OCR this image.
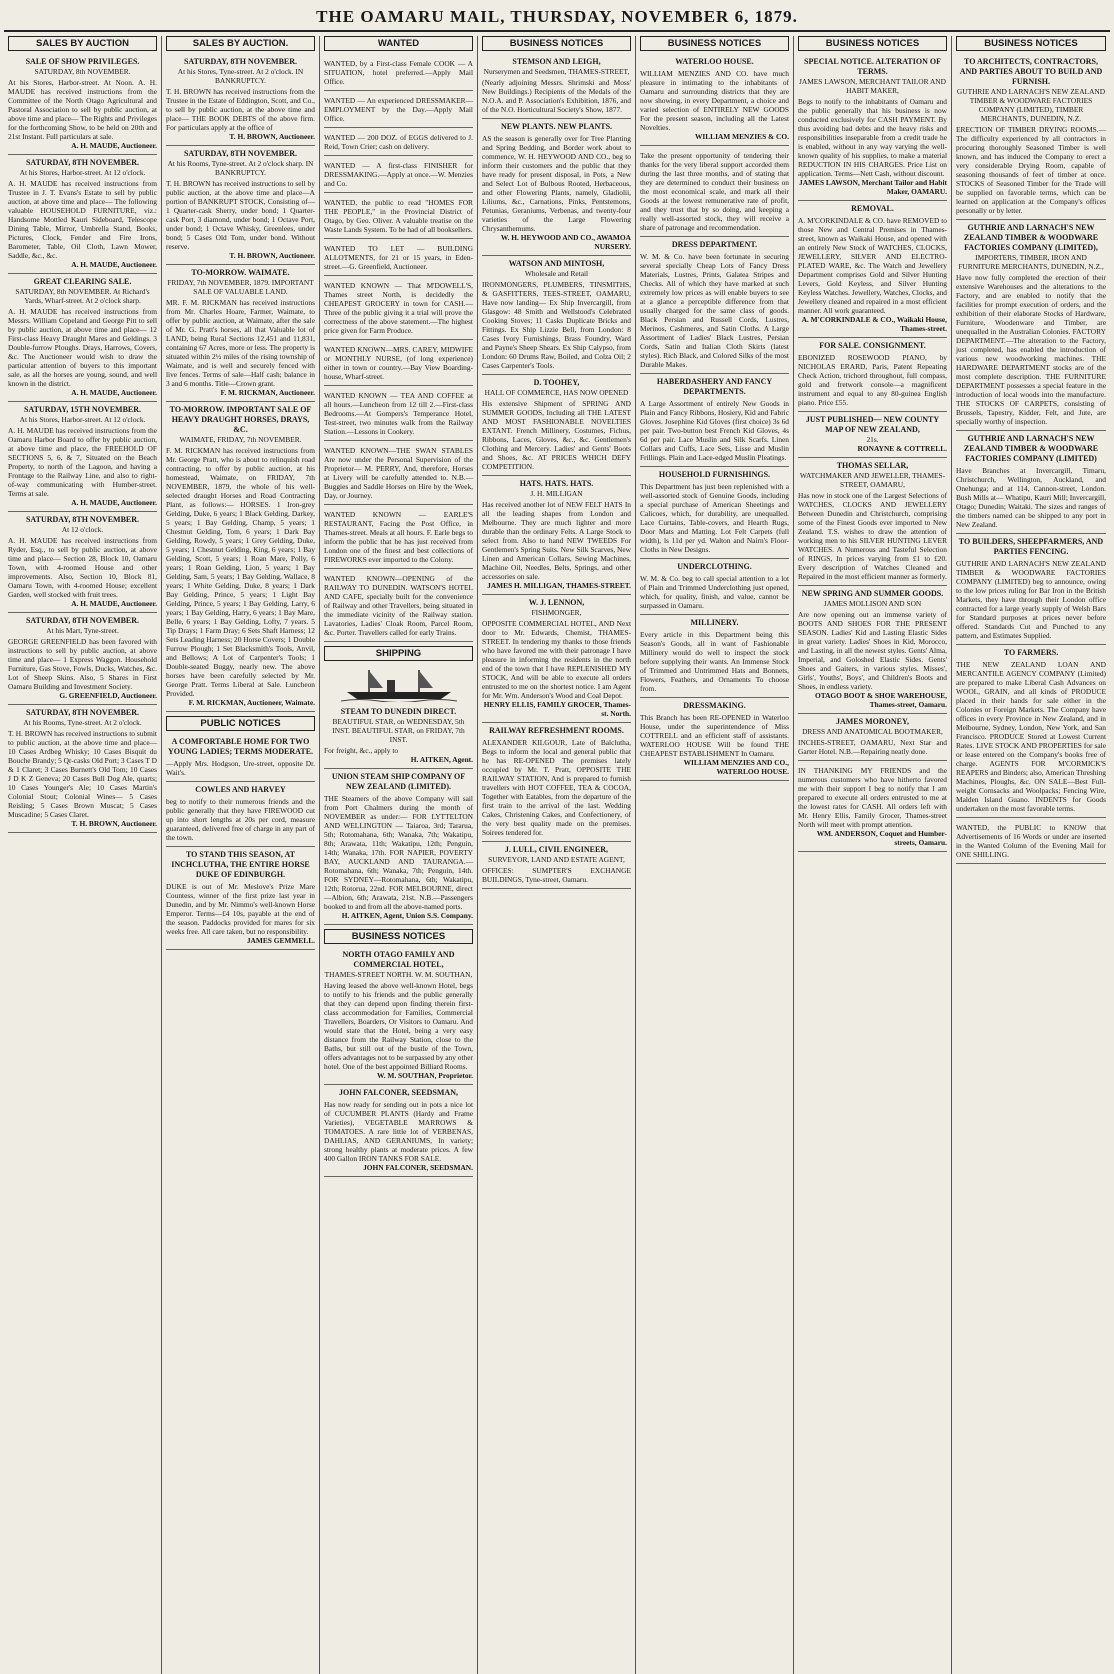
THE OAMARU MAIL, THURSDAY, NOVEMBER 6, 1879.
SALES BY AUCTION
SALE OF SHOW PRIVILEGES.
SATURDAY, 8th NOVEMBER.
At his Stores, Harbor-street. At Noon. A. H. MAUDE has received instructions from the Committee of the North Otago Agricultural and Pastoral Association to sell by public auction, at above time and place— The Rights and Privileges for the forthcoming Show, to be held on 20th and 21st Instant. Full particulars at sale.
A. H. MAUDE, Auctioneer.
SATURDAY, 8TH NOVEMBER.
At his Stores, Harbor-street. At 12 o'clock.
A. H. MAUDE has received instructions from Trustee in J. T. Evans's Estate to sell by public auction, at above time and place— The following valuable HOUSEHOLD FURNITURE, viz.: Handsome Mottled Kauri Sideboard, Telescope Dining Table, Mirror, Umbrella Stand, Books, Pictures, Clock, Fender and Fire Irons, Barometer, Table, Oil Cloth, Lawn Mower, Saddle, &c., &c.
A. H. MAUDE, Auctioneer.
GREAT CLEARING SALE.
SATURDAY, 8th NOVEMBER. At Richard's Yards, Wharf-street. At 2 o'clock sharp.
A. H. MAUDE has received instructions from Messrs. William Copeland and George Pitt to sell by public auction, at above time and place— 12 First-class Heavy Draught Mares and Geldings. 3 Double-furrow Ploughs. Drays, Harrows, Covers, &c. The Auctioneer would wish to draw the particular attention of buyers to this important sale, as all the horses are young, sound, and well known in the district.
A. H. MAUDE, Auctioneer.
SATURDAY, 15TH NOVEMBER.
At his Stores, Harbor-street. At 12 o'clock.
A. H. MAUDE has received instructions from the Oamaru Harbor Board to offer by public auction, at above time and place, the FREEHOLD OF SECTIONS 5, 6, & 7, Situated on the Beach Property, to north of the Lagoon, and having a Frontage to the Railway Line, and also to right-of-way communicating with Humber-street. Terms at sale.
A. H. MAUDE, Auctioneer.
SATURDAY, 8TH NOVEMBER.
At 12 o'clock.
A. H. MAUDE has received instructions from Ryder, Esq., to sell by public auction, at above time and place— Section 28, Block 10, Oamaru Town, with 4-roomed House and other improvements. Also, Section 10, Block 81, Oamaru Town, with 4-roomed House; excellent Garden, well stocked with fruit trees.
A. H. MAUDE, Auctioneer.
SATURDAY, 8TH NOVEMBER.
At his Mart, Tyne-street.
GEORGE GREENFIELD has been favored with instructions to sell by public auction, at above time and place— 1 Express Waggon. Household Furniture, Gas Stove, Fowls, Ducks, Watches, &c. Lot of Sheep Skins. Also, 5 Shares in First Oamaru Building and Investment Society.
G. GREENFIELD, Auctioneer.
SATURDAY, 8TH NOVEMBER.
At his Rooms, Tyne-street. At 2 o'clock.
T. H. BROWN has received instructions to submit to public auction, at the above time and place— 10 Cases Ardbeg Whisky; 10 Cases Bisquit du Bouche Brandy; 5 Qr-casks Old Port; 3 Cases T D & 1 Claret; 3 Cases Burnett's Old Tom; 10 Cases J D K Z Geneva; 20 Cases Bull Dog Ale, quarts; 10 Cases Younger's Ale; 10 Cases Martin's Colonial Stout; Colonial Wines— 5 Cases Reisling; 5 Cases Brown Muscat; 5 Cases Muscadine; 5 Cases Claret.
T. H. BROWN, Auctioneer.
SALES BY AUCTION.
SATURDAY, 8TH NOVEMBER.
At his Stores, Tyne-street. At 2 o'clock. IN BANKRUPTCY.
T. H. BROWN has received instructions from the Trustee in the Estate of Eddington, Scott, and Co., to sell by public auction, at the above time and place— THE BOOK DEBTS of the above firm. For particulars apply at the office of
T. H. BROWN, Auctioneer.
SATURDAY, 8TH NOVEMBER.
At his Rooms, Tyne-street. At 2 o'clock sharp. IN BANKRUPTCY.
T. H. BROWN has received instructions to sell by public auction, at the above time and place—A portion of BANKRUPT STOCK, Consisting of— 1 Quarter-cask Sherry, under bond; 1 Quarter-cask Port, 3 diamond, under bond; 1 Octave Port, under bond; 1 Octave Whisky, Greenlees, under bond; 5 Cases Old Tom, under bond. Without reserve.
T. H. BROWN, Auctioneer.
TO-MORROW. WAIMATE.
FRIDAY, 7th NOVEMBER, 1879. IMPORTANT SALE OF VALUABLE LAND.
MR. F. M. RICKMAN has received instructions from Mr. Charles Hoare, Farmer, Waimate, to offer by public auction, at Waimate, after the sale of Mr. G. Pratt's horses, all that Valuable lot of LAND, being Rural Sections 12,451 and 11,831, containing 67 Acres, more or less. The property is situated within 2½ miles of the rising township of Waimate, and is well and securely fenced with live fences. Terms of sale—Half cash; balance in 3 and 6 months. Title—Crown grant.
F. M. RICKMAN, Auctioneer.
TO-MORROW. IMPORTANT SALE OF HEAVY DRAUGHT HORSES, DRAYS, &C.
WAIMATE, FRIDAY, 7th NOVEMBER.
F. M. RICKMAN has received instructions from Mr. George Pratt, who is about to relinquish road contracting, to offer by public auction, at his homestead, Waimate, on FRIDAY, 7th NOVEMBER, 1879, the whole of his well-selected draught Horses and Road Contracting Plant, as follows:— HORSES. 1 Iron-grey Gelding, Duke, 6 years; 1 Black Gelding, Darkey, 5 years; 1 Bay Gelding, Champ, 5 years; 1 Chestnut Gelding, Tom, 6 years; 1 Dark Bay Gelding, Rowdy, 5 years; 1 Grey Gelding, Duke, 5 years; 1 Chestnut Gelding, King, 6 years; 1 Bay Gelding, Scott, 5 years; 1 Roan Mare, Polly, 6 years; 1 Roan Gelding, Lion, 5 years; 1 Bay Gelding, Sam, 5 years; 1 Bay Gelding, Wallace, 8 years; 1 White Gelding, Duke, 8 years; 1 Dark Bay Gelding, Prince, 5 years; 1 Light Bay Gelding, Prince, 5 years; 1 Bay Gelding, Larry, 6 years; 1 Bay Gelding, Harry, 6 years; 1 Bay Mare, Belle, 6 years; 1 Bay Gelding, Lofty, 7 years. 5 Tip Drays; 1 Farm Dray; 6 Sets Shaft Harness; 12 Sets Leading Harness; 20 Horse Covers; 1 Double Furrow Plough; 1 Set Blacksmith's Tools, Anvil, and Bellows; A Lot of Carpenter's Tools; 1 Double-seated Buggy, nearly new. The above horses have been carefully selected by Mr. George Pratt. Terms Liberal at Sale. Luncheon Provided.
F. M. RICKMAN, Auctioneer, Waimate.
PUBLIC NOTICES
A COMFORTABLE HOME FOR TWO YOUNG LADIES; TERMS MODERATE.
—Apply Mrs. Hodgson, Ure-street, opposite Dr. Wait's.
COWLES AND HARVEY
beg to notify to their numerous friends and the public generally that they have FIREWOOD cut up into short lengths at 20s per cord, measure guaranteed, delivered free of charge in any part of the town.
TO STAND THIS SEASON, AT INCHCLUTHA, THE ENTIRE HORSE DUKE OF EDINBURGH.
DUKE is out of Mr. Meslove's Prize Mare Countess, winner of the first prize last year in Dunedin, and by Mr. Nimmo's well-known Horse Emperor. Terms—£4 10s, payable at the end of the season. Paddocks provided for mares for six weeks free. All care taken, but no responsibility.
JAMES GEMMELL.
WANTED
WANTED, by a First-class Female COOK — A SITUATION, hotel preferred.—Apply Mail Office.
WANTED — An experienced DRESSMAKER—EMPLOYMENT by the Day.—Apply Mail Office.
WANTED — 200 DOZ. of EGGS delivered to J. Reid, Town Crier; cash on delivery.
WANTED — A first-class FINISHER for DRESSMAKING.—Apply at once.—W. Menzies and Co.
WANTED, the public to read "HOMES FOR THE PEOPLE," in the Provincial District of Otago, by Geo. Oliver. A valuable treatise on the Waste Lands System. To be had of all booksellers.
WANTED TO LET — BUILDING ALLOTMENTS, for 21 or 15 years, in Eden-street.—G. Greenfield, Auctioneer.
WANTED KNOWN — That M'DOWELL'S, Thames street North, is decidedly the CHEAPEST GROCERY in town for CASH.—Three of the public giving it a trial will prove the correctness of the above statement.—The highest price given for Farm Produce.
WANTED KNOWN—MRS. CAREY, MIDWIFE or MONTHLY NURSE, (of long experience) either in town or country.—Bay View Boarding-house, Wharf-street.
WANTED KNOWN — TEA AND COFFEE at all hours.—Luncheon from 12 till 2.—First-class Bedrooms.—At Gompers's Temperance Hotel, Test-street, two minutes walk from the Railway Station.—Lessons in Cookery.
WANTED KNOWN—THE SWAN STABLES Are now under the Personal Supervision of the Proprietor— M. PERRY, And, therefore, Horses at Livery will be carefully attended to. N.B.—Buggies and Saddle Horses on Hire by the Week, Day, or Journey.
WANTED KNOWN — EARLE'S RESTAURANT, Facing the Post Office, in Thames-street. Meals at all hours. F. Earle begs to inform the public that he has just received from London one of the finest and best collections of FIREWORKS ever imported to the Colony.
WANTED KNOWN—OPENING of the RAILWAY TO DUNEDIN. WATSON'S HOTEL AND CAFE, specially built for the convenience of Railway and other Travellers, being situated in the immediate vicinity of the Railway station. Lavatories, Ladies' Cloak Room, Parcel Room, &c. Porter. Travellers called for early Trains.
SHIPPING
STEAM TO DUNEDIN DIRECT.
BEAUTIFUL STAR, on WEDNESDAY, 5th INST. BEAUTIFUL STAR, on FRIDAY, 7th INST.
For freight, &c., apply to
H. AITKEN, Agent.
UNION STEAM SHIP COMPANY OF NEW ZEALAND (LIMITED).
THE Steamers of the above Company will sail from Port Chalmers during the month of NOVEMBER as under:— FOR LYTTELTON AND WELLINGTON — Taiaroa, 3rd; Tararua, 5th; Rotomahana, 6th; Wanaka, 7th; Wakatipu, 8th; Arawata, 11th; Wakatipu, 12th; Penguin, 14th; Wanaka, 17th. FOR NAPIER, POVERTY BAY, AUCKLAND AND TAURANGA.—Rotomahana, 6th; Wanaka, 7th; Penguin, 14th. FOR SYDNEY—Rotomahana, 6th; Wakatipu, 12th; Rotorua, 22nd. FOR MELBOURNE, direct—Albion, 6th; Arawata, 21st. N.B.—Passengers booked to and from all the above-named ports.
H. AITKEN, Agent, Union S.S. Company.
BUSINESS NOTICES
NORTH OTAGO FAMILY AND COMMERCIAL HOTEL,
THAMES-STREET NORTH. W. M. SOUTHAN,
Having leased the above well-known Hotel, begs to notify to his friends and the public generally that they can depend upon finding therein first-class accommodation for Families, Commercial Travellers, Boarders, Or Visitors to Oamaru. And would state that the Hotel, being a very easy distance from the Railway Station, close to the Baths, but still out of the bustle of the Town, offers advantages not to be surpassed by any other hotel. One of the best appointed Billiard Rooms.
W. M. SOUTHAN, Proprietor.
JOHN FALCONER, SEEDSMAN,
Has now ready for sending out in pots a nice lot of CUCUMBER PLANTS (Hardy and Frame Varieties), VEGETABLE MARROWS & TOMATOES. A rare little lot of VERBENAS, DAHLIAS, AND GERANIUMS, In variety; strong healthy plants at moderate prices. A few 400 Gallon IRON TANKS FOR SALE.
JOHN FALCONER, SEEDSMAN.
BUSINESS NOTICES
STEMSON AND LEIGH,
Nurserymen and Seedsmen, THAMES-STREET,
(Nearly adjoining Messrs. Shrimski and Moss' New Buildings.) Recipients of the Medals of the N.O.A. and P. Association's Exhibition, 1876, and of the N.O. Horticultural Society's Show, 1877.
NEW PLANTS. NEW PLANTS.
AS the season is generally over for Tree Planting and Spring Bedding, and Border work about to commence, W. H. HEYWOOD AND CO., beg to inform their customers and the public that they have ready for present disposal, in Pots, a New and Select Lot of Bulbous Rooted, Herbaceous, and other Flowering Plants, namely, Gladiolii, Liliums, &c., Carnations, Pinks, Pentstemons, Petunias, Geraniums, Verbenas, and twenty-four varieties of the Large Flowering Chrysanthemums.
W. H. HEYWOOD AND CO., AWAMOA NURSERY.
WATSON AND MINTOSH,
Wholesale and Retail
IRONMONGERS, PLUMBERS, TINSMITHS, & GASFITTERS, TEES-STREET, OAMARU, Have now landing— Ex Ship Invercargill, from Glasgow: 48 Smith and Wellstood's Celebrated Cooking Stoves; 11 Casks Duplicate Bricks and Fittings. Ex Ship Lizzie Bell, from London: 8 Cases Ivory Furnishings, Brass Foundry, Ward and Payne's Sheep Shears. Ex Ship Calypso, from London: 60 Drums Raw, Boiled, and Colza Oil; 2 Cases Carpenter's Tools.
D. TOOHEY,
HALL OF COMMERCE, HAS NOW OPENED
His extensive Shipment of SPRING AND SUMMER GOODS, Including all THE LATEST AND MOST FASHIONABLE NOVELTIES EXTANT. French Millinery, Costumes, Fichus, Ribbons, Laces, Gloves, &c., &c. Gentlemen's Clothing and Mercery. Ladies' and Gents' Boots and Shoes, &c. AT PRICES WHICH DEFY COMPETITION.
HATS. HATS. HATS.
J. H. MILLIGAN
Has received another lot of NEW FELT HATS In all the leading shapes from London and Melbourne. They are much lighter and more durable than the ordinary Felts. A Large Stock to select from. Also to hand NEW TWEEDS For Gentlemen's Spring Suits. New Silk Scarves, New Linen and American Collars, Sewing Machines, Machine Oil, Needles, Belts, Springs, and other accessories on sale.
JAMES H. MILLIGAN, THAMES-STREET.
W. J. LENNON,
FISHMONGER,
OPPOSITE COMMERCIAL HOTEL, AND Next door to Mr. Edwards, Chemist, THAMES-STREET. In tendering my thanks to those friends who have favored me with their patronage I have pleasure in informing the residents in the north end of the town that I have REPLENISHED MY STOCK, And will be able to execute all orders entrusted to me on the shortest notice. I am Agent for Mr. Wm. Anderson's Wood and Coal Depot.
HENRY ELLIS, FAMILY GROCER, Thames-st. North.
RAILWAY REFRESHMENT ROOMS.
ALEXANDER KILGOUR, Late of Balclutha, Begs to inform the local and general public that he has RE-OPENED The premises lately occupied by Mr. T. Pratt, OPPOSITE THE RAILWAY STATION, And is prepared to furnish travellers with HOT COFFEE, TEA & COCOA, Together with Eatables, from the departure of the first train to the arrival of the last. Wedding Cakes, Christening Cakes, and Confectionery, of the very best quality made on the premises. Soirees tendered for.
J. LULL, CIVIL ENGINEER,
SURVEYOR, LAND AND ESTATE AGENT,
OFFICES: SUMPTER'S EXCHANGE BUILDINGS, Tyne-street, Oamaru.
BUSINESS NOTICES
WATERLOO HOUSE.
WILLIAM MENZIES AND CO. have much pleasure in intimating to the inhabitants of Oamaru and surrounding districts that they are now showing, in every Department, a choice and varied selection of ENTIRELY NEW GOODS For the present season, including all the Latest Novelties.
WILLIAM MENZIES & CO.
Take the present opportunity of tendering their thanks for the very liberal support accorded them during the last three months, and of stating that they are determined to conduct their business on the most economical scale, and mark all their Goods at the lowest remunerative rate of profit, and they trust that by so doing, and keeping a really well-assorted stock, they will receive a share of patronage and recommendation.
DRESS DEPARTMENT.
W. M. & Co. have been fortunate in securing several specially Cheap Lots of Fancy Dress Materials, Lustres, Prints, Galatea Stripes and Checks. All of which they have marked at such extremely low prices as will enable buyers to see at a glance a perceptible difference from that usually charged for the same class of goods. Black Persian and Russell Cords, Lustres, Merinos, Cashmeres, and Satin Cloths. A Large Assortment of Ladies' Black Lustres, Persian Cords, Satin and Italian Cloth Skirts (latest styles). Rich Black, and Colored Silks of the most Durable Makes.
HABERDASHERY AND FANCY DEPARTMENTS.
A Large Assortment of entirely New Goods in Plain and Fancy Ribbons, Hosiery, Kid and Fabric Gloves. Josephine Kid Gloves (first choice) 3s 6d per pair. Two-button best French Kid Gloves, 4s 6d per pair. Lace Muslin and Silk Scarfs. Linen Collars and Cuffs, Lace Sets, Lisse and Muslin Frillings. Plain and Lace-edged Muslin Pleatings.
HOUSEHOLD FURNISHINGS.
This Department has just been replenished with a well-assorted stock of Genuine Goods, including a special purchase of American Sheetings and Calicoes, which, for durability, are unequalled. Lace Curtains, Table-covers, and Hearth Rugs, Door Mats and Matting. Lot Felt Carpets (full width), ls 11d per yd. Walton and Nairn's Floor-Cloths in New Designs.
UNDERCLOTHING.
W. M. & Co. beg to call special attention to a lot of Plain and Trimmed Underclothing just opened, which, for quality, finish, and value, cannot be surpassed in Oamaru.
MILLINERY.
Every article in this Department being this Season's Goods, all in want of Fashionable Millinery would do well to inspect the stock before supplying their wants. An Immense Stock of Trimmed and Untrimmed Hats and Bonnets, Flowers, Feathers, and Ornaments To choose from.
DRESSMAKING.
This Branch has been RE-OPENED in Waterloo House, under the superintendence of Miss COTTRELL and an efficient staff of assistants. WATERLOO HOUSE Will be found THE CHEAPEST ESTABLISHMENT In Oamaru.
WILLIAM MENZIES AND CO., WATERLOO HOUSE.
BUSINESS NOTICES
SPECIAL NOTICE. ALTERATION OF TERMS.
JAMES LAWSON, MERCHANT TAILOR AND HABIT MAKER,
Begs to notify to the inhabitants of Oamaru and the public generally that his business is now conducted exclusively for CASH PAYMENT. By thus avoiding bad debts and the heavy risks and responsibilities inseparable from a credit trade he is enabled, without in any way varying the well-known quality of his supplies, to make a material REDUCTION IN HIS CHARGES. Price List on application. Terms—Nett Cash, without discount.
JAMES LAWSON, Merchant Tailor and Habit Maker, OAMARU.
REMOVAL.
A. M'CORKINDALE & CO. have REMOVED to those New and Central Premises in Thames-street, known as Waikaki House, and opened with an entirely New Stock of WATCHES, CLOCKS, JEWELLERY, SILVER AND ELECTRO-PLATED WARE, &c. The Watch and Jewellery Department comprises Gold and Silver Hunting Levers, Gold Keyless, and Silver Hunting Keyless Watches. Jewellery, Watches, Clocks, and Jewellery cleaned and repaired in a most efficient manner. All work guaranteed.
A. M'CORKINDALE & CO., Waikaki House, Thames-street.
FOR SALE. CONSIGNMENT.
EBONIZED ROSEWOOD PIANO, by NICHOLAS ERARD, Paris, Patent Repeating Check Action, trichord throughout, full compass, gold and fretwork console—a magnificent instrument and equal to any 80-guinea English piano. Price £55.
JUST PUBLISHED— NEW COUNTY MAP OF NEW ZEALAND,
21s.
RONAYNE & COTTRELL.
THOMAS SELLAR,
WATCHMAKER AND JEWELLER, THAMES-STREET, OAMARU,
Has now in stock one of the Largest Selections of WATCHES, CLOCKS AND JEWELLERY Between Dunedin and Christchurch, comprising some of the Finest Goods ever imported to New Zealand. T.S. wishes to draw the attention of working men to his SILVER HUNTING LEVER WATCHES. A Numerous and Tasteful Selection of RINGS, In prices varying from £1 to £20. Every description of Watches Cleaned and Repaired in the most efficient manner as formerly.
NEW SPRING AND SUMMER GOODS.
JAMES MOLLISON AND SON
Are now opening out an immense variety of BOOTS AND SHOES FOR THE PRESENT SEASON. Ladies' Kid and Lasting Elastic Sides in great variety. Ladies' Shoes in Kid, Morocco, and Lasting, in all the newest styles. Gents' Alma, Imperial, and Goloshed Elastic Sides. Gents' Shoes and Gaiters, in various styles. Misses', Girls', Youths', Boys', and Children's Boots and Shoes, in endless variety.
OTAGO BOOT & SHOE WAREHOUSE, Thames-street, Oamaru.
JAMES MORONEY,
DRESS AND ANATOMICAL BOOTMAKER,
INCHES-STREET, OAMARU, Next Star and Garter Hotel. N.B.—Repairing neatly done.
IN THANKING MY FRIENDS and the numerous customers who have hitherto favored me with their support I beg to notify that I am prepared to execute all orders entrusted to me at the lowest rates for CASH. All orders left with Mr. Henry Ellis, Family Grocer, Thames-street North will meet with prompt attention.
WM. ANDERSON, Coquet and Humber-streets, Oamaru.
BUSINESS NOTICES
TO ARCHITECTS, CONTRACTORS, AND PARTIES ABOUT TO BUILD AND FURNISH.
GUTHRIE AND LARNACH'S NEW ZEALAND TIMBER & WOODWARE FACTORIES COMPANY (LIMITED), TIMBER MERCHANTS, DUNEDIN, N.Z.
ERECTION OF TIMBER DRYING ROOMS.—The difficulty experienced by all contractors in procuring thoroughly Seasoned Timber is well known, and has induced the Company to erect a very considerable Drying Room, capable of seasoning thousands of feet of timber at once. STOCKS of Seasoned Timber for the Trade will be supplied on favorable terms, which can be learned on application at the Company's offices personally or by letter.
GUTHRIE AND LARNACH'S NEW ZEALAND TIMBER & WOODWARE FACTORIES COMPANY (LIMITED),
IMPORTERS, TIMBER, IRON AND FURNITURE MERCHANTS, DUNEDIN, N.Z.,
Have now fully completed the erection of their extensive Warehouses and the alterations to the Factory, and are enabled to notify that the facilities for prompt execution of orders, and the exhibition of their elaborate Stocks of Hardware, Furniture, Woodenware and Timber, are unequalled in the Australian Colonies. FACTORY DEPARTMENT.—The alteration to the Factory, just completed, has enabled the introduction of various new woodworking machines. THE HARDWARE DEPARTMENT stocks are of the most complete description. THE FURNITURE DEPARTMENT possesses a special feature in the introduction of local woods into the manufacture. THE STOCKS OF CARPETS, consisting of Brussels, Tapestry, Kidder, Felt, and Jute, are specially worthy of inspection.
GUTHRIE AND LARNACH'S NEW ZEALAND TIMBER & WOODWARE FACTORIES COMPANY (LIMITED)
Have Branches at Invercargill, Timaru, Christchurch, Wellington, Auckland, and Onehunga; and at 114, Cannon-street, London. Bush Mills at— Whatipu, Kauri Mill; Invercargill, Otago; Dunedin; Waitaki. The sizes and ranges of the timbers named can be shipped to any port in New Zealand.
TO BUILDERS, SHEEPFARMERS, AND PARTIES FENCING.
GUTHRIE AND LARNACH'S NEW ZEALAND TIMBER & WOODWARE FACTORIES COMPANY (LIMITED) beg to announce, owing to the low prices ruling for Bar Iron in the British Markets, they have through their London office contracted for a large yearly supply of Welsh Bars for Standard purposes at prices never before offered. Standards Cut and Punched to any pattern, and Estimates Supplied.
TO FARMERS.
THE NEW ZEALAND LOAN AND MERCANTILE AGENCY COMPANY (Limited) are prepared to make Liberal Cash Advances on WOOL, GRAIN, and all kinds of PRODUCE placed in their hands for sale either in the Colonies or Foreign Markets. The Company have offices in every Province in New Zealand, and in Melbourne, Sydney, London, New York, and San Francisco. PRODUCE Stored at Lowest Current Rates. LIVE STOCK AND PROPERTIES for sale or lease entered on the Company's books free of charge. AGENTS FOR M'CORMICK'S REAPERS and Binders; also, American Threshing Machines, Ploughs, &c. ON SALE—Best Full-weight Cornsacks and Woolpacks; Fencing Wire, Malden Island Guano. INDENTS for Goods undertaken on the most favorable terms.
WANTED, the PUBLIC to KNOW that Advertisements of 16 Words or under are inserted in the Wanted Column of the Evening Mail for ONE SHILLING.
